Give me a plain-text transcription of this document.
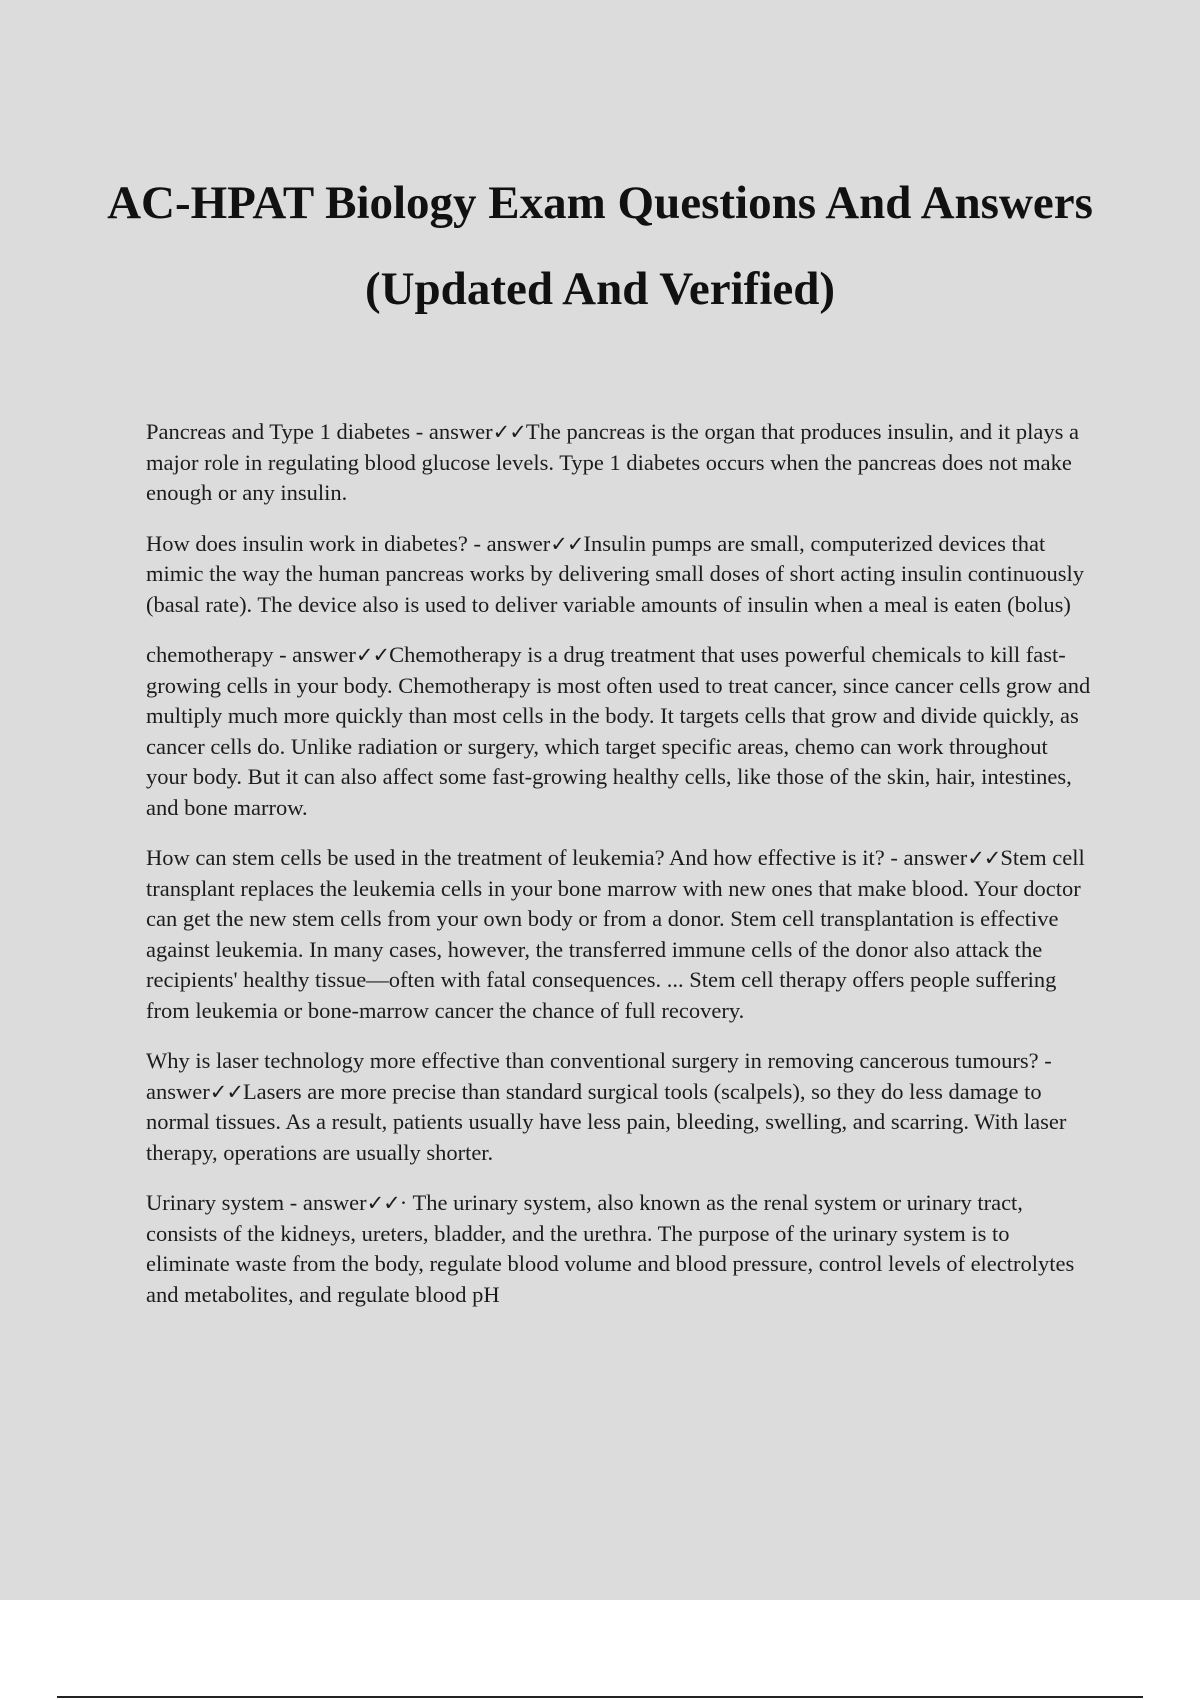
AC-HPAT Biology Exam Questions And Answers (Updated And Verified)

Pancreas and Type 1 diabetes - answer✓✓The pancreas is the organ that produces insulin, and it plays a major role in regulating blood glucose levels. Type 1 diabetes occurs when the pancreas does not make enough or any insulin.

How does insulin work in diabetes? - answer✓✓Insulin pumps are small, computerized devices that mimic the way the human pancreas works by delivering small doses of short acting insulin continuously (basal rate). The device also is used to deliver variable amounts of insulin when a meal is eaten (bolus)

chemotherapy - answer✓✓Chemotherapy is a drug treatment that uses powerful chemicals to kill fast-growing cells in your body. Chemotherapy is most often used to treat cancer, since cancer cells grow and multiply much more quickly than most cells in the body. It targets cells that grow and divide quickly, as cancer cells do. Unlike radiation or surgery, which target specific areas, chemo can work throughout your body. But it can also affect some fast-growing healthy cells, like those of the skin, hair, intestines, and bone marrow.

How can stem cells be used in the treatment of leukemia? And how effective is it? - answer✓✓Stem cell transplant replaces the leukemia cells in your bone marrow with new ones that make blood. Your doctor can get the new stem cells from your own body or from a donor. Stem cell transplantation is effective against leukemia. In many cases, however, the transferred immune cells of the donor also attack the recipients' healthy tissue—often with fatal consequences. ... Stem cell therapy offers people suffering from leukemia or bone-marrow cancer the chance of full recovery.

Why is laser technology more effective than conventional surgery in removing cancerous tumours? - answer✓✓Lasers are more precise than standard surgical tools (scalpels), so they do less damage to normal tissues. As a result, patients usually have less pain, bleeding, swelling, and scarring. With laser therapy, operations are usually shorter.

Urinary system - answer✓✓· The urinary system, also known as the renal system or urinary tract, consists of the kidneys, ureters, bladder, and the urethra. The purpose of the urinary system is to eliminate waste from the body, regulate blood volume and blood pressure, control levels of electrolytes and metabolites, and regulate blood pH
